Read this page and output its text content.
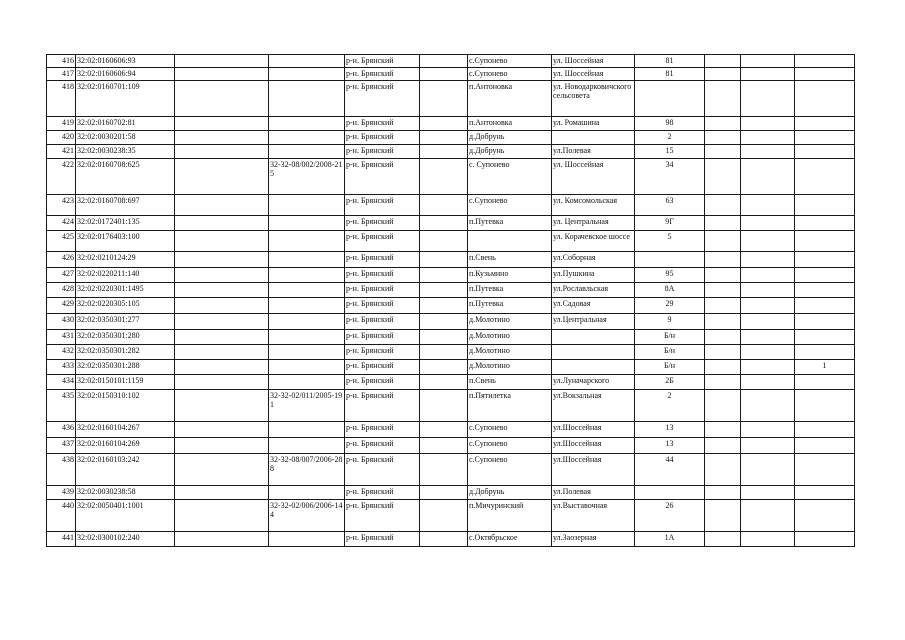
416	32:02:0160606:93			р-н. Брянский		с.Супонево	ул. Шоссейная	81			
417	32:02:0160606:94			р-н. Брянский		с.Супонево	ул. Шоссейная	81			
418	32:02:0160701:109			р-н. Брянский		п.Антоновка	ул. Новодарковичского сельсовета				
419	32:02:0160702:81			р-н. Брянский		п.Антоновка	ул. Ромашина	98			
420	32:02:0030201:58			р-н. Брянский		д.Добрунь		2			
421	32:02:0030238:35			р-н. Брянский		д.Добрунь	ул.Полевая	15			
422	32:02:0160708:625		32-32-08/002/2008-215	р-н. Брянский		с. Супонево	ул. Шоссейная	34			
423	32:02:0160708:697			р-н. Брянский		с.Супонево	ул. Комсомольская	63			
424	32:02:0172401:135			р-н. Брянский		п.Путевка	ул. Центральная	9Г			
425	32:02:0176403:100			р-н. Брянский			ул. Корачевское шоссе	5			
426	32:02:0210124:29			р-н. Брянский		п.Свень	ул.Соборная				
427	32:02:0220211:140			р-н. Брянский		п.Кузьмино	ул.Пушкина	95			
428	32:02:0220301:1495			р-н. Брянский		п.Путевка	ул.Рославльская	8А			
429	32:02:0220305:105			р-н. Брянский		п.Путевка	ул.Садовая	29			
430	32:02:0350301:277			р-н. Брянский		д.Молотино	ул.Центральная	9			
431	32:02:0350301:280			р-н. Брянский		д.Молотино		Б/н			
432	32:02:0350301:282			р-н. Брянский		д.Молотино		Б/н			
433	32:02:0350301:288			р-н. Брянский		д.Молотино		Б/н			1
434	32:02:0150101:1159			р-н. Брянский		п.Свень	ул.Луначарского	2Б			
435	32:02:0150310:102		32-32-02/011/2005-191	р-н. Брянский		п.Пятилетка	ул.Вокзальная	2			
436	32:02:0160104:267			р-н. Брянский		с.Супонево	ул.Шоссейная	13			
437	32:02:0160104:269			р-н. Брянский		с.Супонево	ул.Шоссейная	13			
438	32:02:0160103:242		32-32-08/007/2006-288	р-н. Брянский		с.Супонево	ул.Шоссейная	44			
439	32:02:0030238:58			р-н. Брянский		д.Добрунь	ул.Полевая				
440	32:02:0050401:1001		32-32-02/006/2006-144	р-н. Брянский		п.Мичуринский	ул.Выставочная	26			
441	32:02:0300102:240			р-н. Брянский		с.Октябрьское	ул.Заозерная	1А			
